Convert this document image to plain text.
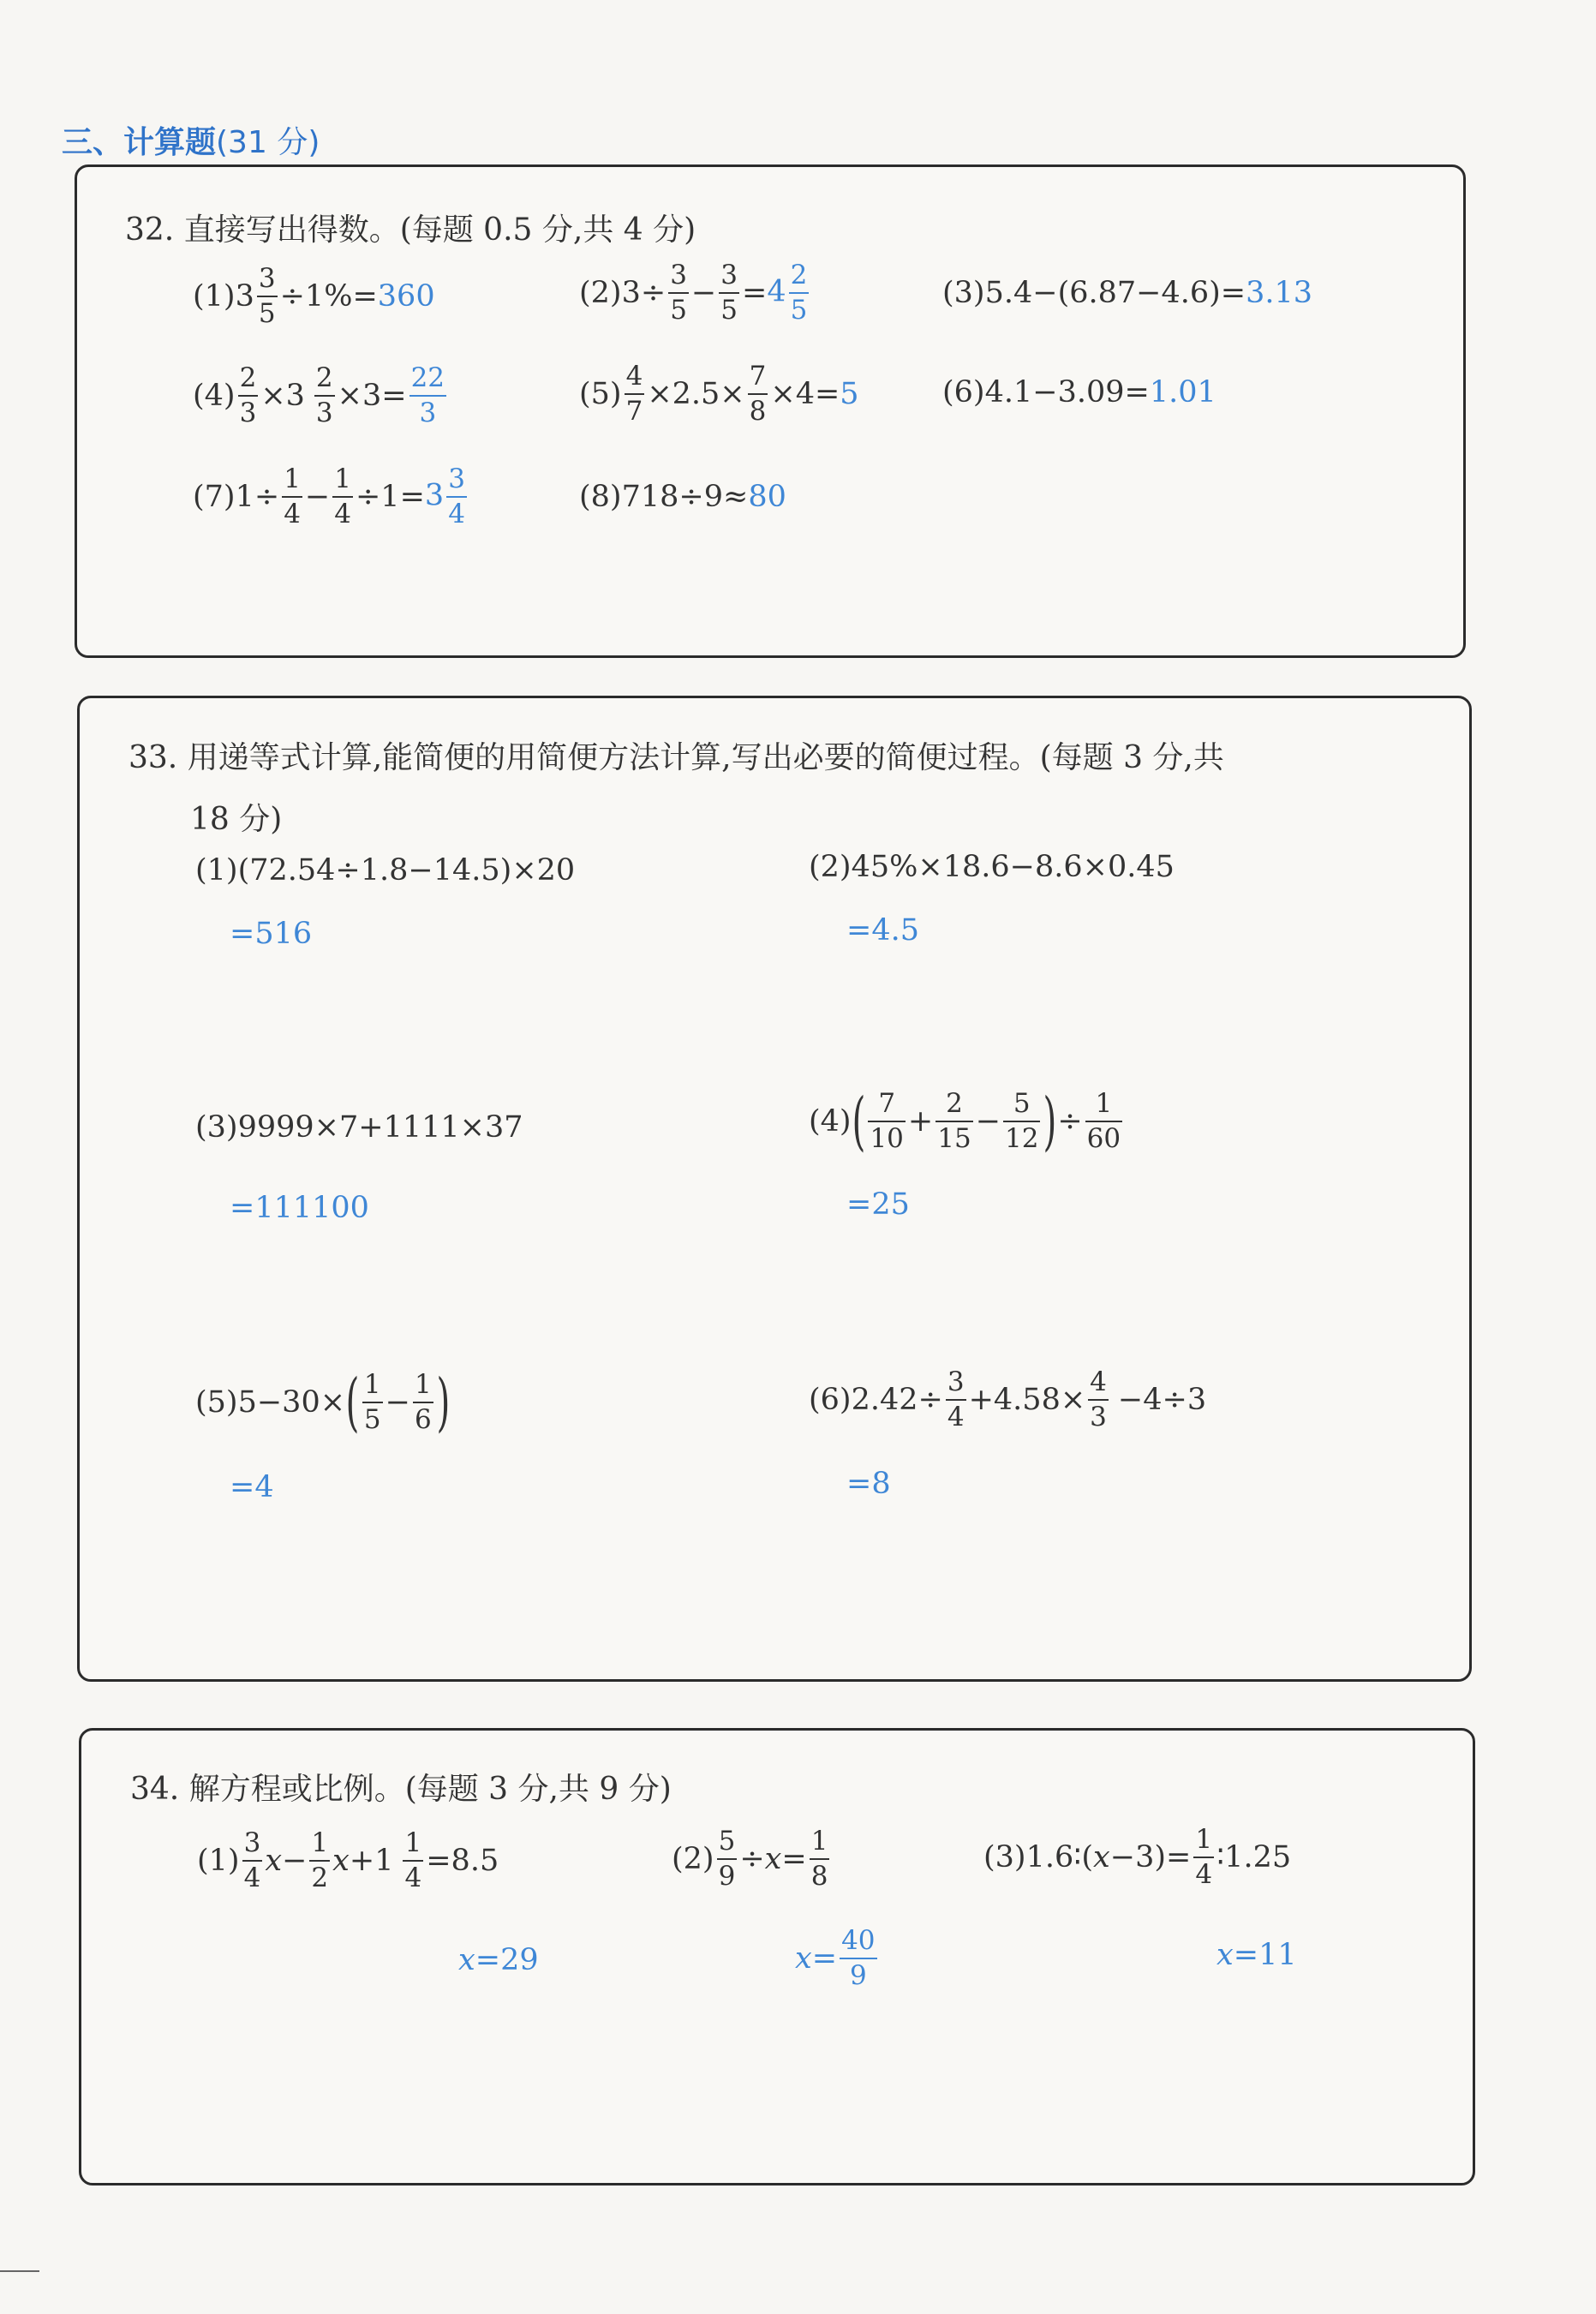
三、计算题(31 分)
32. 直接写出得数。(每题 0.5 分,共 4 分)
(1) $3 \frac{3}{5} \div 1\%= 360$	(2) $3\div \frac{3}{5} - \frac{3}{5} = 4 \frac{2}{5}$	(3)5.4−(6.87−4.6)= 3.13
$(4) \frac{2}{3} \times 3 \frac{2}{3} \times 3= \frac{22}{3}$	$(5) \frac{4}{7} \times 2.5\times \frac{7}{8} \times 4= 5$	(6)4.1−3.09= 1.01
(7) $1\div \frac{1}{4} - \frac{1}{4} \div 1= 3 \frac{3}{4}$	(8)718÷9≈ 80
33. 用递等式计算,能简便的用简便方法计算,写出必要的简便过程。(每题 3 分,共
18 分)
(1)(72.54÷1.8−14.5)×20
=516
(2)45%×18.6−8.6×0.45
=4.5
(3)9999×7+1111×37
=111100
(4) ( $\frac{7}{10} + \frac{2}{15} - \frac{5}{12}$ ) ÷ $\frac{1}{60}$
=25
(5) 5−30× ( $\frac{1}{5} - \frac{1}{6}$ )
=4
(6) $2.42\div \frac{3}{4} +4.58\times \frac{4}{3} -4\div 3$
=8
34. 解方程或比例。(每题 3 分,共 9 分)
$(1) \frac{3}{4}$ $x - \frac{1}{2}$ $x +1 \frac{1}{4} =8.5$
x =29
$(2) \frac{5}{9} \div x = \frac{1}{8}$
$x = \frac{40}{9}$
(3)1.6∶( $x -3)= \frac{1}{4}$ ∶1.25
x =11
